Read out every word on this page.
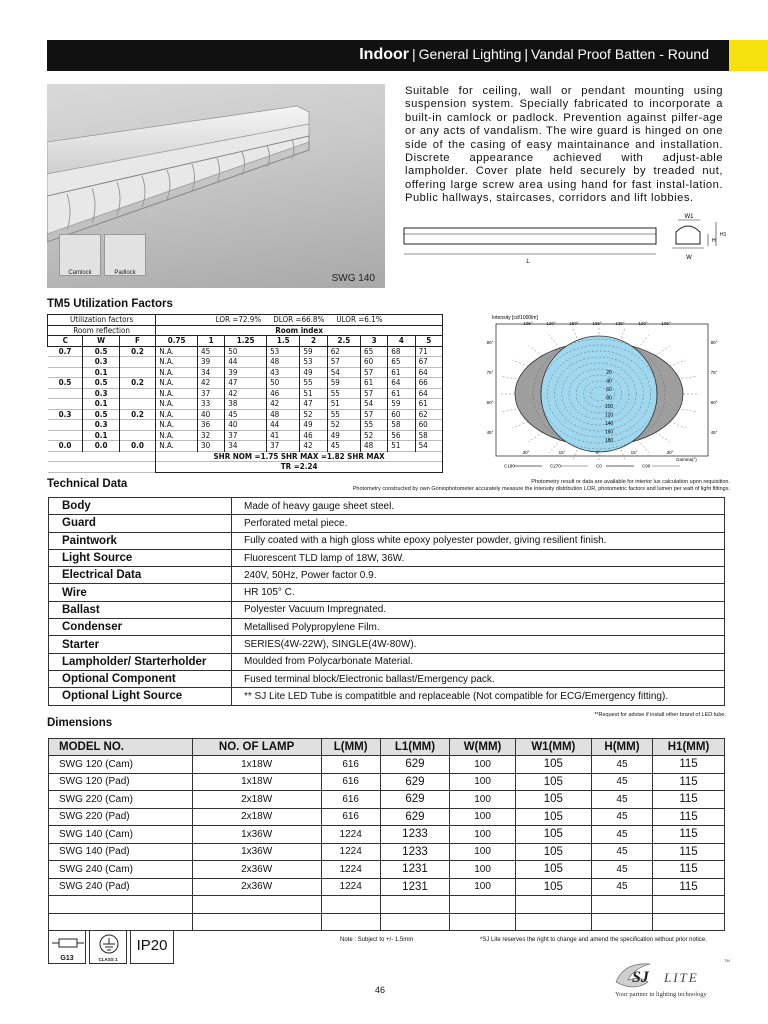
Indoor | General Lighting | Vandal Proof Batten - Round
Camlock	Padlock	SWG 140
Suitable for ceiling, wall or pendant mounting using suspension system. Specially fabricated to incorporate a built-in camlock or padlock. Prevention against pilfer-age or any acts of vandalism. The wire guard is hinged on one side of the casing of easy maintainance and installation. Discrete appearance achieved with adjust-able lampholder. Cover plate held securely by treaded nut, offering large screw area using hand for fast instal-lation. Public hallways, staircases, corridors and lift lobbies.
L
W1
W
H
H1
TM5 Utilization Factors
Utilization factors			LOR =72.9% DLOR =66.8% ULOR =6.1%								
Room reflection			Room index								
C	W	F	0.75	1	1.25	1.5	2	2.5	3	4	5
0.7	0.5	0.2	N.A.	45	50	53	59	62	65	68	71
	0.3		N.A.	39	44	48	53	57	60	65	67
	0.1		N.A.	34	39	43	49	54	57	61	64
0.5	0.5	0.2	N.A.	42	47	50	55	59	61	64	66
	0.3		N.A.	37	42	46	51	55	57	61	64
	0.1		N.A.	33	38	42	47	51	54	59	61
0.3	0.5	0.2	N.A.	40	45	48	52	55	57	60	62
	0.3		N.A.	36	40	44	49	52	55	58	60
	0.1		N.A.	32	37	41	46	49	52	56	58
0.0	0.0	0.0	N.A.	30	34	37	42	45	48	51	54
			SHR NOM =1.75 SHR MAX =1.82 SHR MAX								
			TR =2.24								
Intensity [cd/1000lm]
105°	120°	150°	165°	135°	120°	105°
20
40
60
80
100
120
140
160
180
90°
75°
60°
45°
90°
75°
60°
45°
30°	15°	0°	15°	30°
C180	C270	C0	C90
Gamma(°)
Photometry result or data are available for interior lux calculation upon requisition.
Photometry constructed by own Goniophotometer accurately measure the intensity distribution LOR, photometric factors and lumen per watt of light fittings.
Technical Data
Body	Made of heavy gauge sheet steel.
Guard	Perforated metal piece.
Paintwork	Fully coated with a high gloss white epoxy polyester powder, giving resilient finish.
Light Source	Fluorescent TLD lamp of 18W, 36W.
Electrical Data	240V, 50Hz, Power factor 0.9.
Wire	HR 105° C.
Ballast	Polyester Vacuum Impregnated.
Condenser	Metallised Polypropylene Film.
Starter	SERIES(4W-22W), SINGLE(4W-80W).
Lampholder/ Starterholder	Moulded from Polycarbonate Material.
Optional Component	Fused terminal block/Electronic ballast/Emergency pack.
Optional Light Source	** SJ Lite LED Tube is compatitble and replaceable (Not compatible for ECG/Emergency fitting).
Dimensions
**Request for advise if install other brand of LED tube.
MODEL NO.	NO. OF LAMP	L(MM)	L1(MM)	W(MM)	W1(MM)	H(MM)	H1(MM)
SWG 120 (Cam)	1x18W	616	629	100	105	45	115
SWG 120 (Pad)	1x18W	616	629	100	105	45	115
SWG 220 (Cam)	2x18W	616	629	100	105	45	115
SWG 220 (Pad)	2x18W	616	629	100	105	45	115
SWG 140 (Cam)	1x36W	1224	1233	100	105	45	115
SWG 140 (Pad)	1x36W	1224	1233	100	105	45	115
SWG 240 (Cam)	2x36W	1224	1231	100	105	45	115
SWG 240 (Pad)	2x36W	1224	1231	100	105	45	115

G13	CLASS 1
IP20	Note : Subject to +/- 1.5mm	*SJ Lite reserves the right to change and amend the specification without prior notice.
46
SJ LITE
TM
Your partner in lighting technology
